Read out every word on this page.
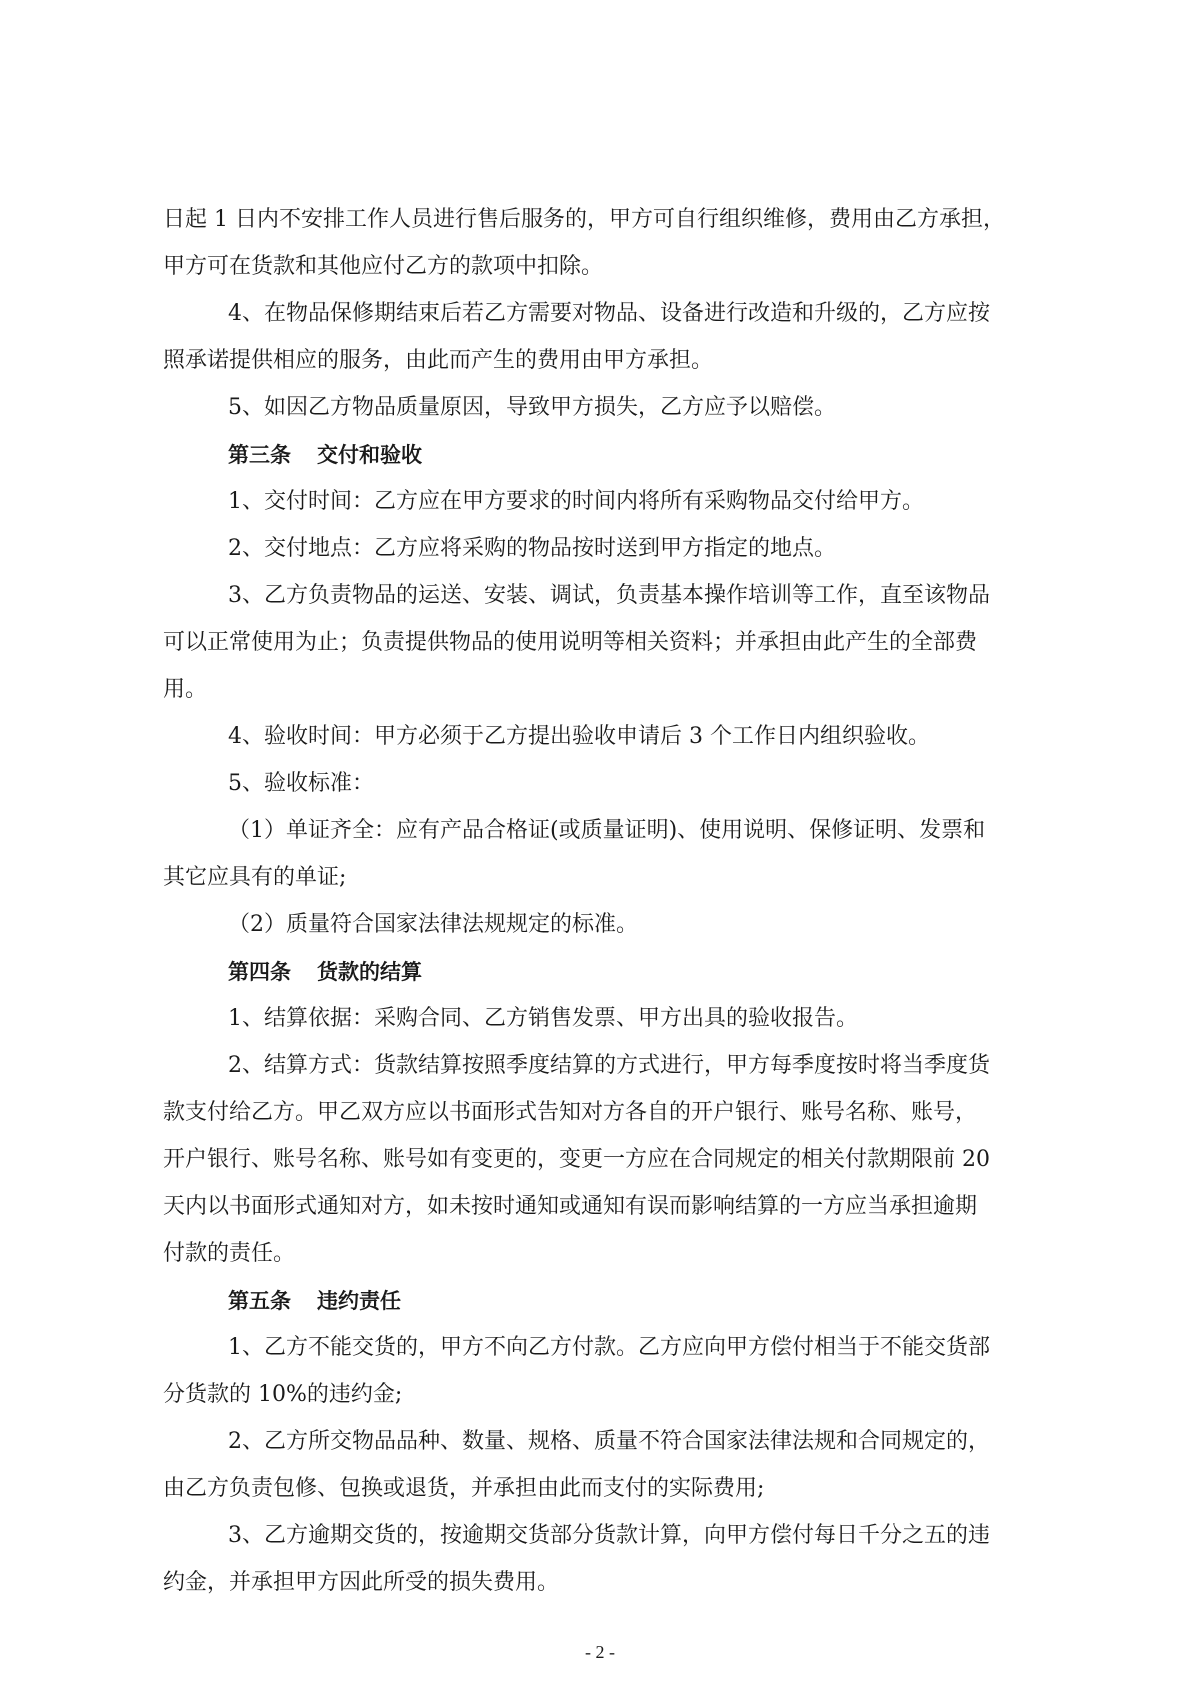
日起 1 日内不安排工作人员进行售后服务的，甲方可自行组织维修，费用由乙方承担，
甲方可在货款和其他应付乙方的款项中扣除。
4、在物品保修期结束后若乙方需要对物品、设备进行改造和升级的，乙方应按
照承诺提供相应的服务，由此而产生的费用由甲方承担。
5、如因乙方物品质量原因，导致甲方损失，乙方应予以赔偿。
第三条 交付和验收
1、交付时间：乙方应在甲方要求的时间内将所有采购物品交付给甲方。
2、交付地点：乙方应将采购的物品按时送到甲方指定的地点。
3、乙方负责物品的运送、安装、调试，负责基本操作培训等工作，直至该物品
可以正常使用为止；负责提供物品的使用说明等相关资料；并承担由此产生的全部费
用。
4、验收时间：甲方必须于乙方提出验收申请后 3 个工作日内组织验收。
5、验收标准：
（1）单证齐全：应有产品合格证(或质量证明)、使用说明、保修证明、发票和
其它应具有的单证;
（2）质量符合国家法律法规规定的标准。
第四条 货款的结算
1、结算依据：采购合同、乙方销售发票、甲方出具的验收报告。
2、结算方式：货款结算按照季度结算的方式进行，甲方每季度按时将当季度货
款支付给乙方。甲乙双方应以书面形式告知对方各自的开户银行、账号名称、账号，
开户银行、账号名称、账号如有变更的，变更一方应在合同规定的相关付款期限前 20
天内以书面形式通知对方，如未按时通知或通知有误而影响结算的一方应当承担逾期
付款的责任。
第五条 违约责任
1、乙方不能交货的，甲方不向乙方付款。乙方应向甲方偿付相当于不能交货部
分货款的 10%的违约金;
2、乙方所交物品品种、数量、规格、质量不符合国家法律法规和合同规定的，
由乙方负责包修、包换或退货，并承担由此而支付的实际费用;
3、乙方逾期交货的，按逾期交货部分货款计算，向甲方偿付每日千分之五的违
约金，并承担甲方因此所受的损失费用。
- 2 -
